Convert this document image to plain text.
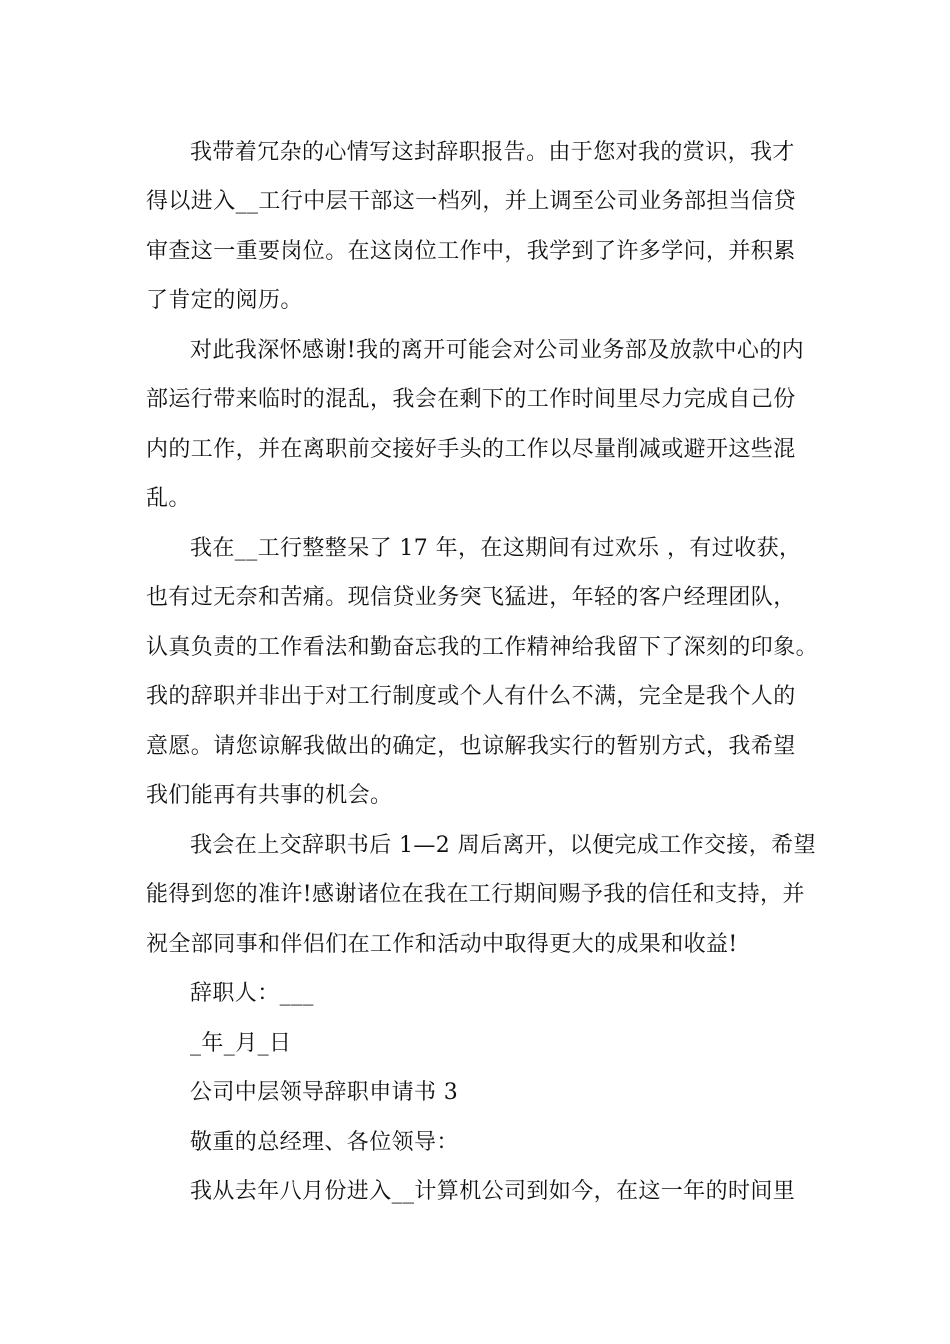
我带着冗杂的心情写这封辞职报告。由于您对我的赏识，我才
得以进入__工行中层干部这一档列，并上调至公司业务部担当信贷
审查这一重要岗位。在这岗位工作中，我学到了许多学问，并积累
了肯定的阅历。
对此我深怀感谢!我的离开可能会对公司业务部及放款中心的内
部运行带来临时的混乱，我会在剩下的工作时间里尽力完成自己份
内的工作，并在离职前交接好手头的工作以尽量削减或避开这些混
乱。
我在__工行整整呆了 17 年，在这期间有过欢乐 ，有过收获，
也有过无奈和苦痛。现信贷业务突飞猛进，年轻的客户经理团队，
认真负责的工作看法和勤奋忘我的工作精神给我留下了深刻的印象。
我的辞职并非出于对工行制度或个人有什么不满，完全是我个人的
意愿。请您谅解我做出的确定，也谅解我实行的暂别方式，我希望
我们能再有共事的机会。
我会在上交辞职书后 1—2 周后离开，以便完成工作交接，希望
能得到您的准许!感谢诸位在我在工行期间赐予我的信任和支持，并
祝全部同事和伴侣们在工作和活动中取得更大的成果和收益!
辞职人：___
_年_月_日
公司中层领导辞职申请书 3
敬重的总经理、各位领导：
我从去年八月份进入__计算机公司到如今，在这一年的时间里
